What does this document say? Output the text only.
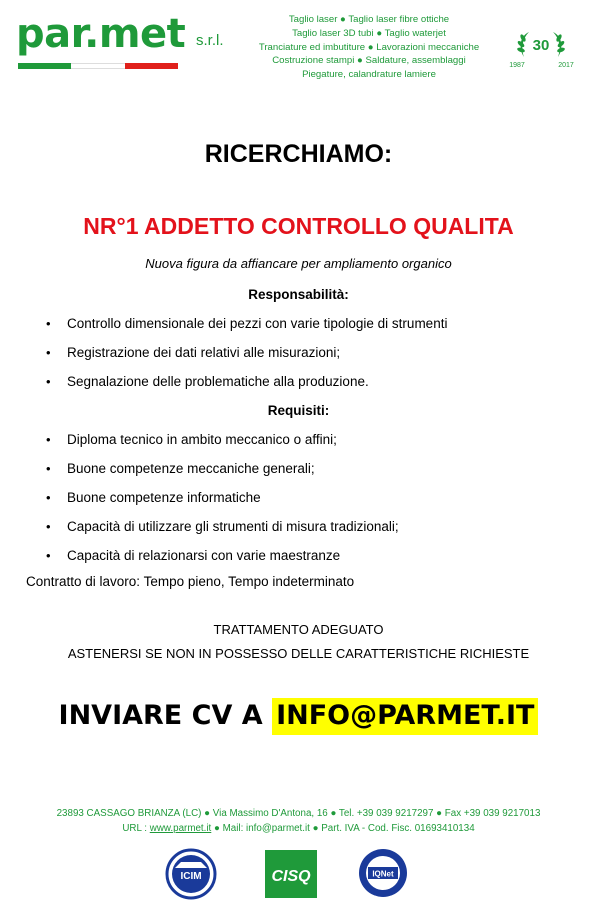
par.met s.r.l.
Taglio laser ● Taglio laser fibre ottiche
Taglio laser 3D tubi ● Taglio waterjet
Tranciature ed imbutiture ● Lavorazioni meccaniche
Costruzione stampi ● Saldature, assemblaggi
Piegature, calandrature lamiere
30
1987	2017
RICERCHIAMO:
NR°1 ADDETTO CONTROLLO QUALITA
Nuova figura da affiancare per ampliamento organico
Responsabilità:
• Controllo dimensionale dei pezzi con varie tipologie di strumenti
• Registrazione dei dati relativi alle misurazioni;
• Segnalazione delle problematiche alla produzione.
Requisiti:
• Diploma tecnico in ambito meccanico o affini;
• Buone competenze meccaniche generali;
• Buone competenze informatiche
• Capacità di utilizzare gli strumenti di misura tradizionali;
• Capacità di relazionarsi con varie maestranze
Contratto di lavoro: Tempo pieno, Tempo indeterminato
TRATTAMENTO ADEGUATO
ASTENERSI SE NON IN POSSESSO DELLE CARATTERISTICHE RICHIESTE
INVIARE CV A INFO@PARMET.IT
23893 CASSAGO BRIANZA (LC) ● Via Massimo D'Antona, 16 ● Tel. +39 039 9217297 ● Fax +39 039 9217013
URL : www.parmet.it ● Mail: info@parmet.it ● Part. IVA - Cod. Fisc. 01693410134
ICIM	CISQ	IQNet
